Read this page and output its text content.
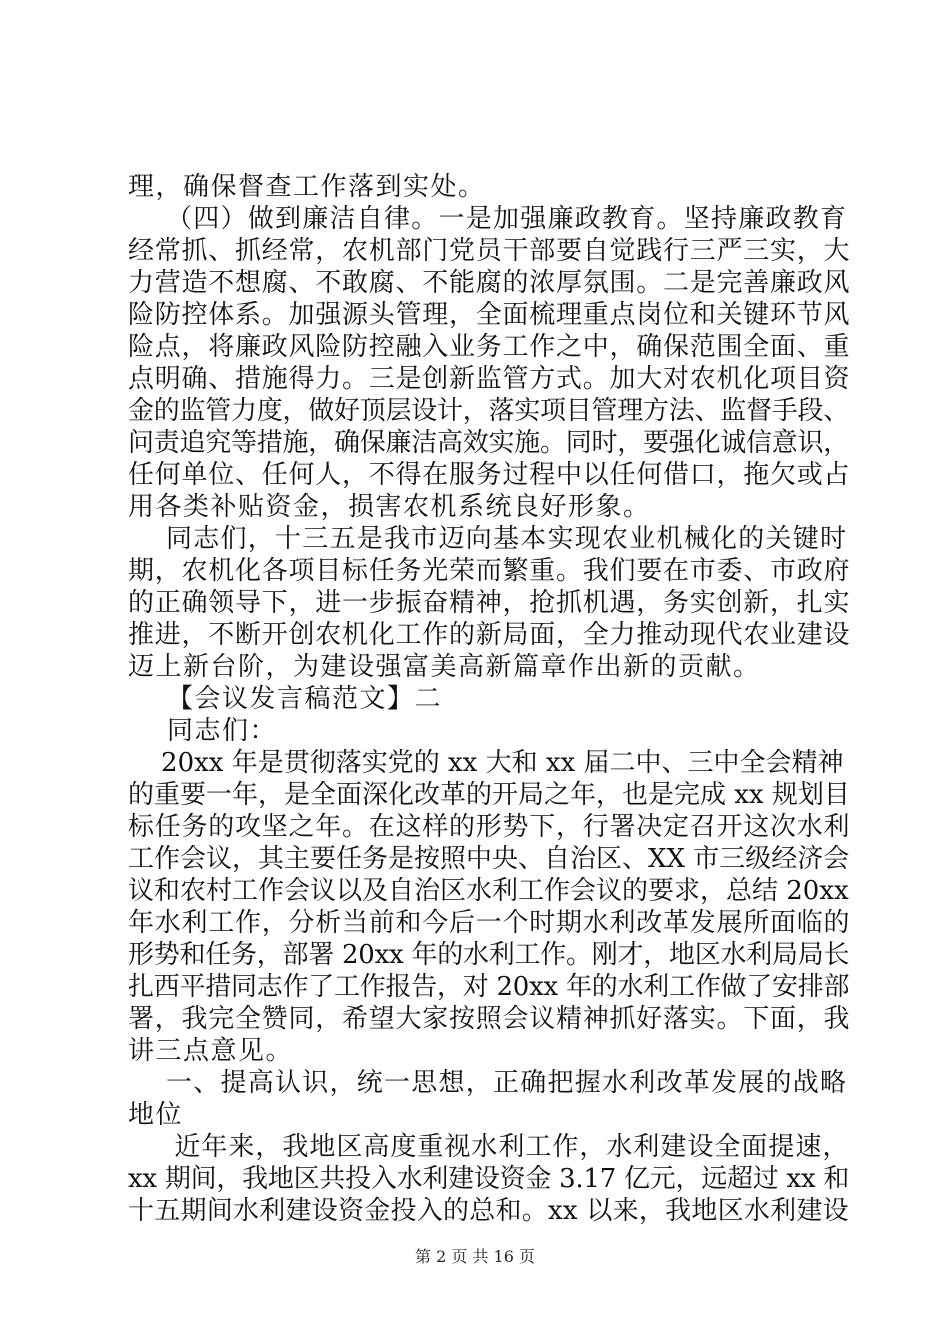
理，确保督查工作落到实处。
（四）做到廉洁自律。一是加强廉政教育。坚持廉政教育
经常抓、抓经常，农机部门党员干部要自觉践行三严三实，大
力营造不想腐、不敢腐、不能腐的浓厚氛围。二是完善廉政风
险防控体系。加强源头管理，全面梳理重点岗位和关键环节风
险点，将廉政风险防控融入业务工作之中，确保范围全面、重
点明确、措施得力。三是创新监管方式。加大对农机化项目资
金的监管力度，做好顶层设计，落实项目管理方法、监督手段、
问责追究等措施，确保廉洁高效实施。同时，要强化诚信意识，
任何单位、任何人，不得在服务过程中以任何借口，拖欠或占
用各类补贴资金，损害农机系统良好形象。
同志们，十三五是我市迈向基本实现农业机械化的关键时
期，农机化各项目标任务光荣而繁重。我们要在市委、市政府
的正确领导下，进一步振奋精神，抢抓机遇，务实创新，扎实
推进，不断开创农机化工作的新局面，全力推动现代农业建设
迈上新台阶，为建设强富美高新篇章作出新的贡献。
【会议发言稿范文】二
同志们：
20xx 年是贯彻落实党的 xx 大和 xx 届二中、三中全会精神
的重要一年，是全面深化改革的开局之年，也是完成 xx 规划目
标任务的攻坚之年。在这样的形势下，行署决定召开这次水利
工作会议，其主要任务是按照中央、自治区、XX 市三级经济会
议和农村工作会议以及自治区水利工作会议的要求，总结 20xx
年水利工作，分析当前和今后一个时期水利改革发展所面临的
形势和任务，部署 20xx 年的水利工作。刚才，地区水利局局长
扎西平措同志作了工作报告，对 20xx 年的水利工作做了安排部
署，我完全赞同，希望大家按照会议精神抓好落实。下面，我
讲三点意见。
一、提高认识，统一思想，正确把握水利改革发展的战略
地位
近年来，我地区高度重视水利工作，水利建设全面提速，
xx 期间，我地区共投入水利建设资金 3.17 亿元，远超过 xx 和
十五期间水利建设资金投入的总和。xx 以来，我地区水利建设
第 2 页 共 16 页
